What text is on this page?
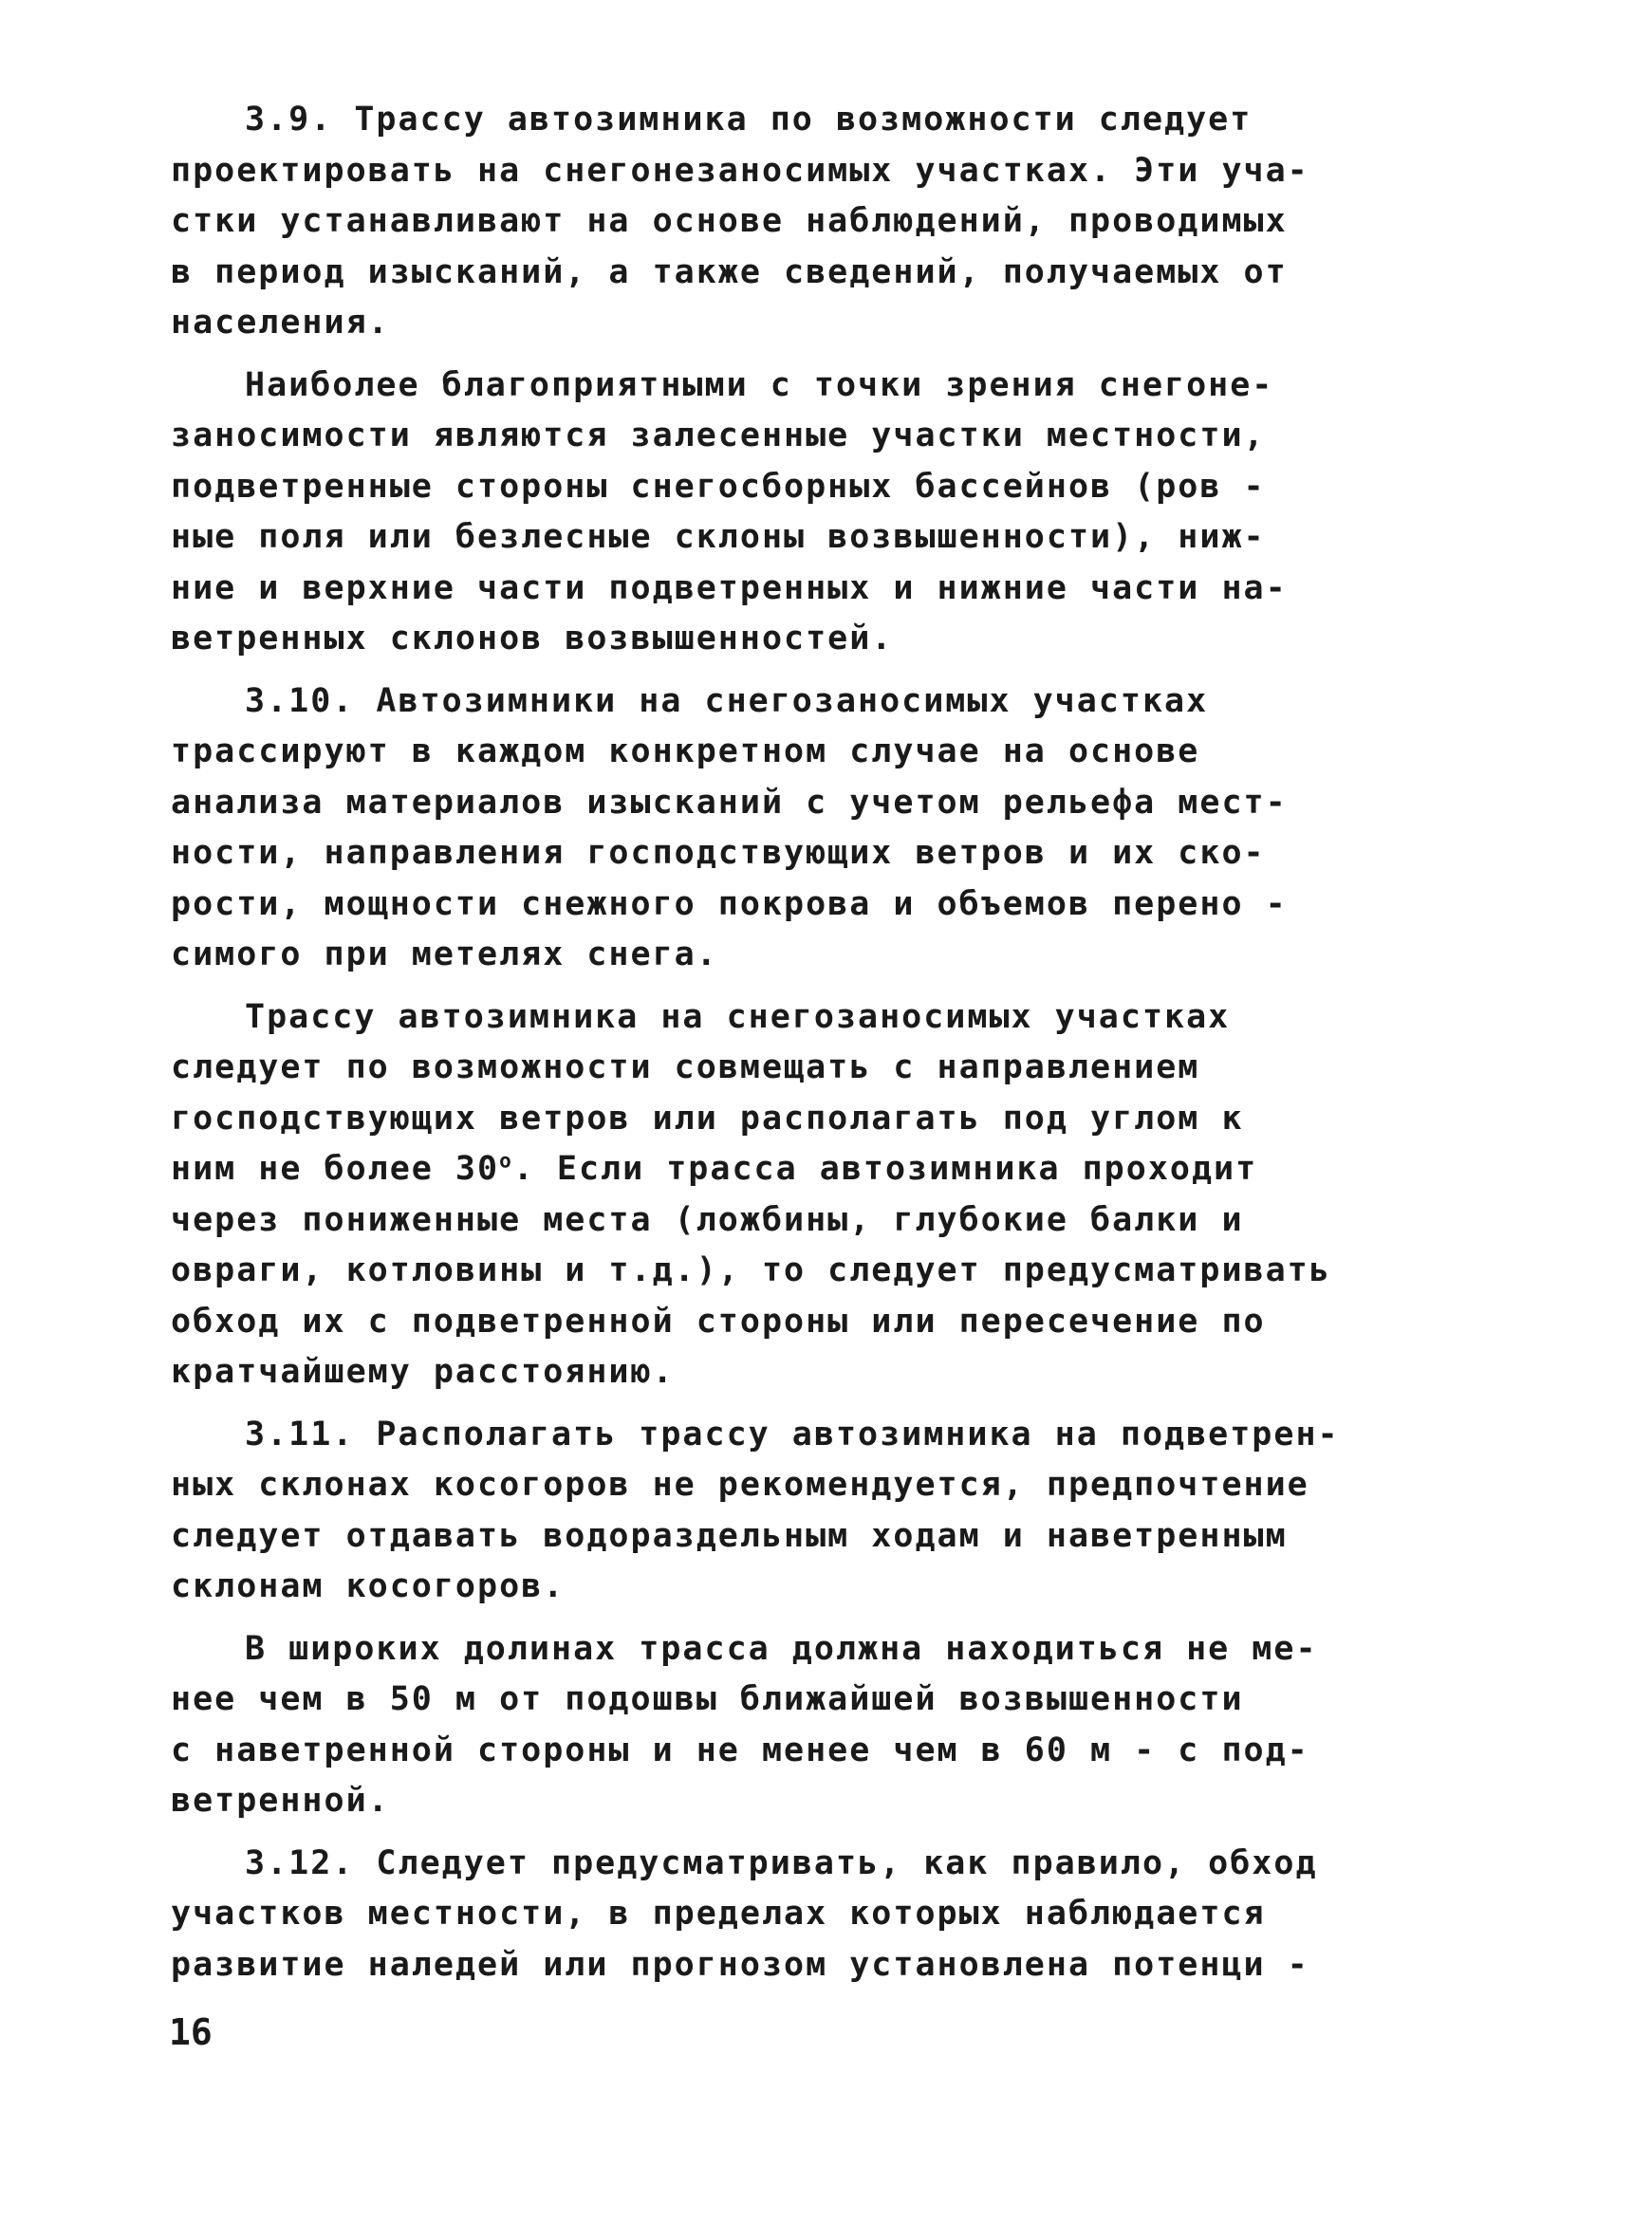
3.9. Трассу автозимника по возможности следует
проектировать на снегонезаносимых участках. Эти уча-
стки устанавливают на основе наблюдений, проводимых
в период изысканий, а также сведений, получаемых от
населения.
Наиболее благоприятными с точки зрения снегоне-
заносимости являются залесенные участки местности,
подветренные стороны снегосборных бассейнов (ров -
ные поля или безлесные склоны возвышенности), ниж-
ние и верхние части подветренных и нижние части на-
ветренных склонов возвышенностей.
3.10. Автозимники на снегозаносимых участках
трассируют в каждом конкретном случае на основе
анализа материалов изысканий с учетом рельефа мест-
ности, направления господствующих ветров и их ско-
рости, мощности снежного покрова и объемов перено -
симого при метелях снега.
Трассу автозимника на снегозаносимых участках
следует по возможности совмещать с направлением
господствующих ветров или располагать под углом к
ним не более $30^о$. Если трасса автозимника проходит
через пониженные места (ложбины, глубокие балки и
овраги, котловины и т.д.), то следует предусматривать
обход их с подветренной стороны или пересечение по
кратчайшему расстоянию.
3.11. Располагать трассу автозимника на подветрен-
ных склонах косогоров не рекомендуется, предпочтение
следует отдавать водораздельным ходам и наветренным
склонам косогоров.
В широких долинах трасса должна находиться не ме-
нее чем в 50 м от подошвы ближайшей возвышенности
с наветренной стороны и не менее чем в 60 м - с под-
ветренной.
3.12. Следует предусматривать, как правило, обход
участков местности, в пределах которых наблюдается
развитие наледей или прогнозом установлена потенци -
16
